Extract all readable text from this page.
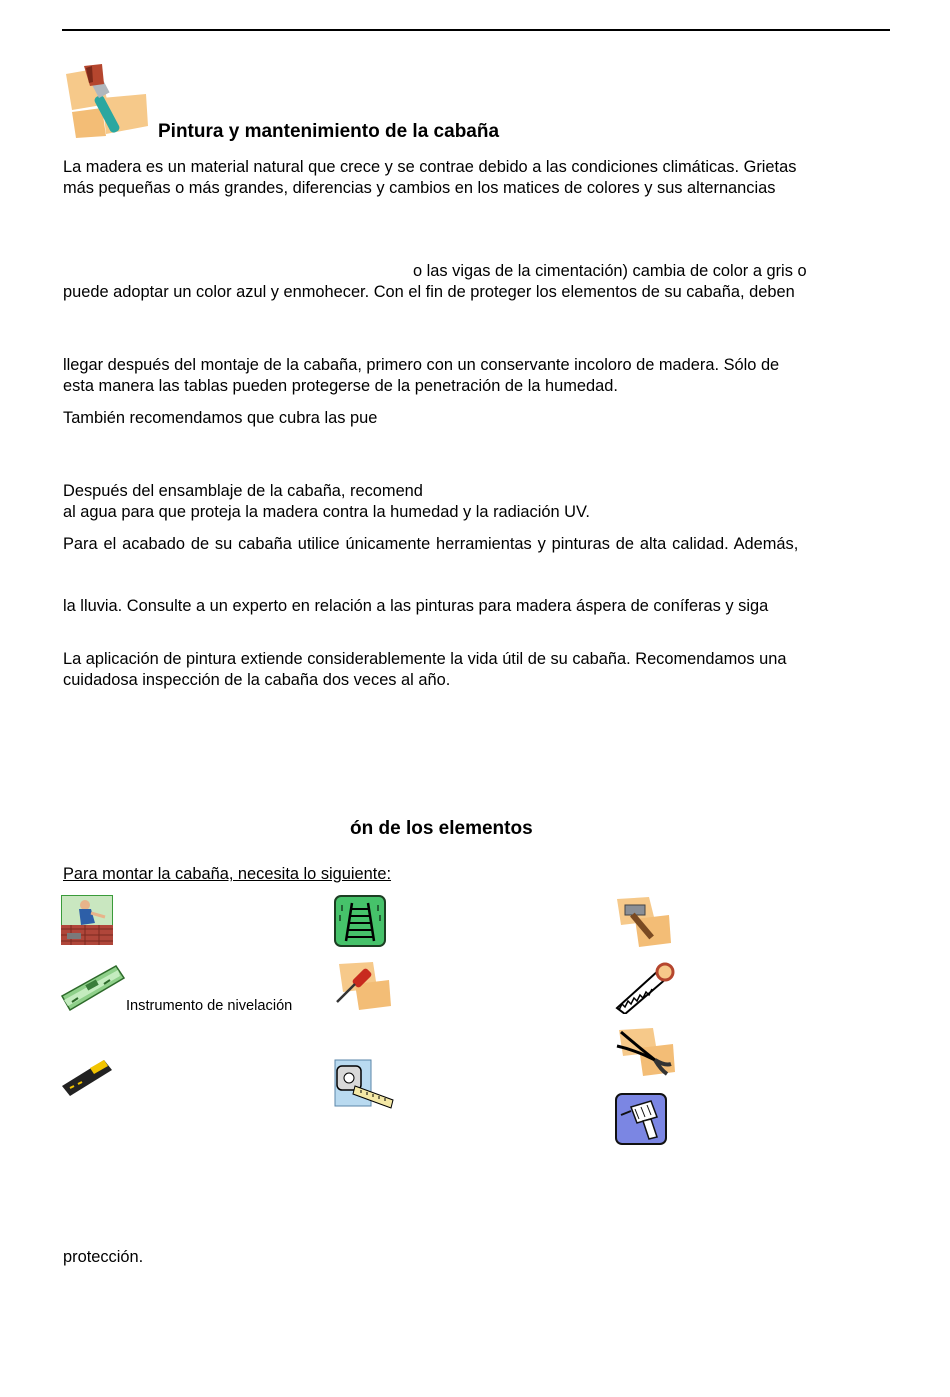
Pintura y mantenimiento de la cabaña
La madera es un material natural que crece y se contrae debido a las condiciones climáticas. Grietas
más pequeñas o más grandes, diferencias y cambios en los matices de colores y sus alternancias
o las vigas de la cimentación) cambia de color a gris o
puede adoptar un color azul y enmohecer. Con el fin de proteger los elementos de su cabaña, deben
llegar después del montaje de la cabaña, primero con un conservante incoloro de madera. Sólo de
esta manera las tablas pueden protegerse de la penetración de la humedad.
También recomendamos que cubra las pue
Después del ensamblaje de la cabaña, recomend
al agua para que proteja la madera contra la humedad y la radiación UV.
Para el acabado de su cabaña utilice únicamente herramientas y pinturas de alta calidad. Además,
la lluvia. Consulte a un experto en relación a las pinturas para madera áspera de coníferas y siga
La aplicación de pintura extiende considerablemente la vida útil de su cabaña. Recomendamos una
cuidadosa inspección de la cabaña dos veces al año.
ón de los elementos
Para montar la cabaña, necesita lo siguiente:
Instrumento de nivelación
protección.
